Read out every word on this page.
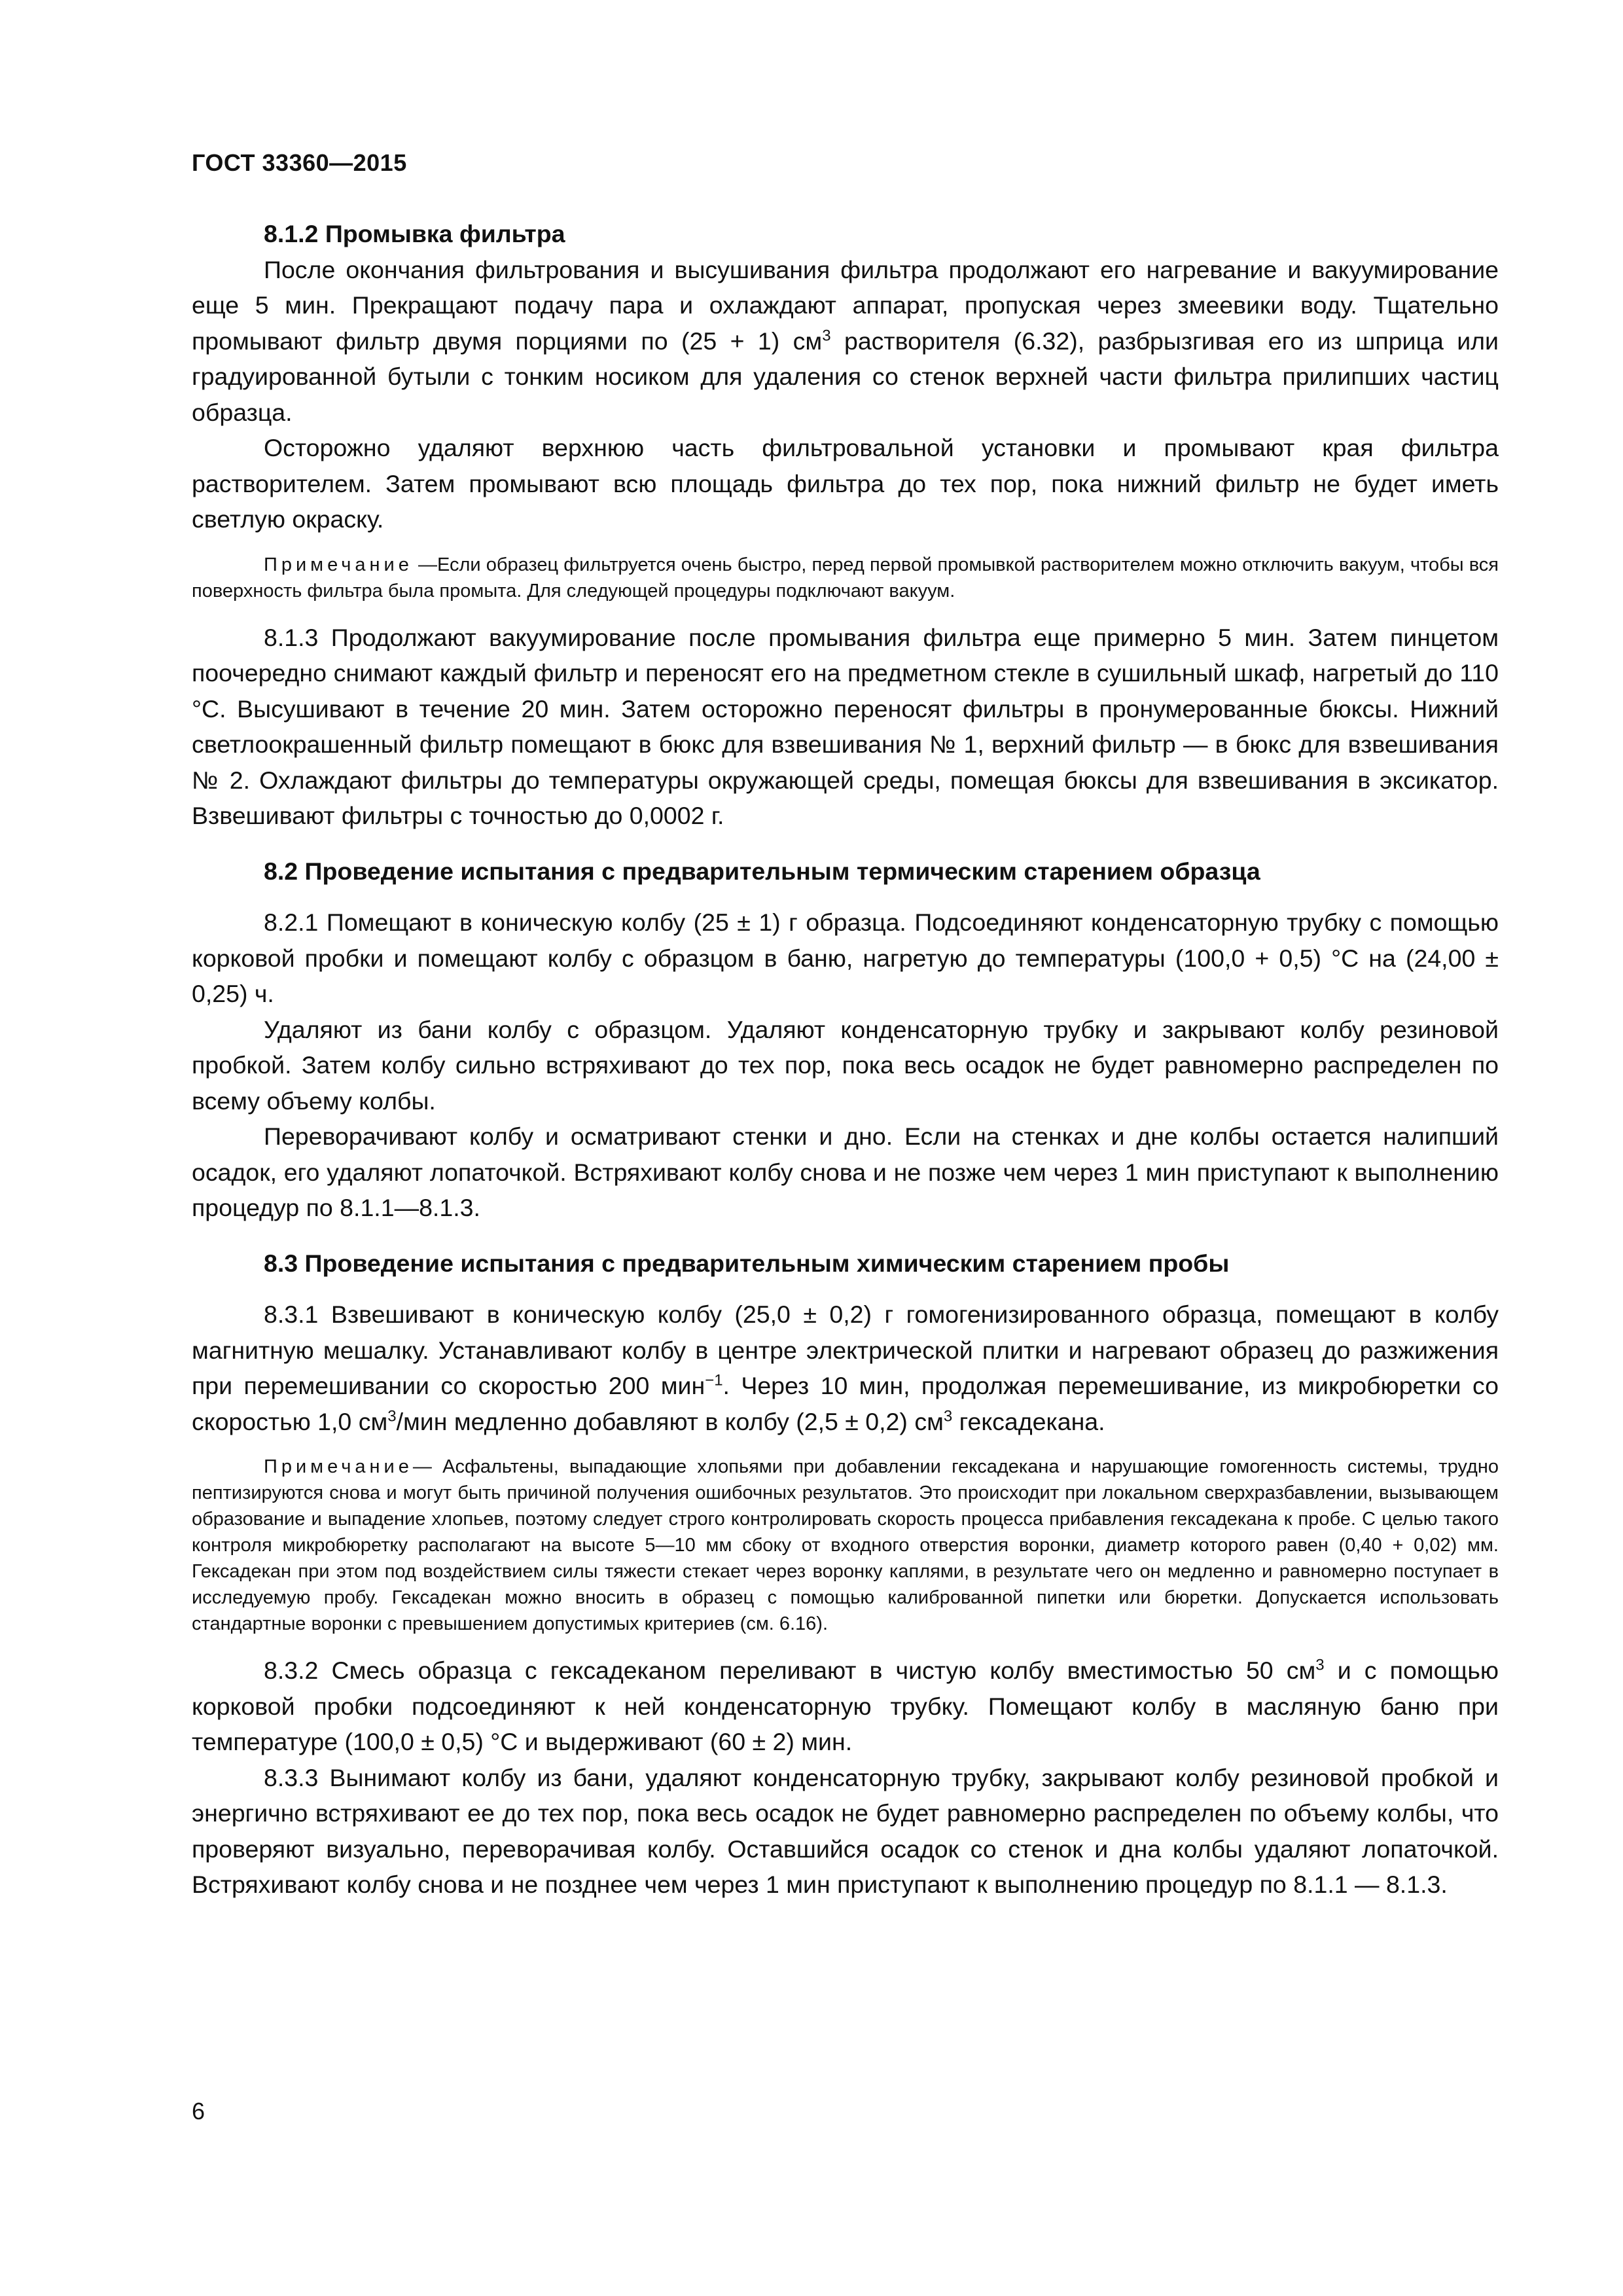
ГОСТ 33360—2015
8.1.2 Промывка фильтра

После окончания фильтрования и высушивания фильтра продолжают его нагревание и вакуумирование еще 5 мин. Прекращают подачу пара и охлаждают аппарат, пропуская через змеевики воду. Тщательно промывают фильтр двумя порциями по (25 + 1) $см^3$ растворителя (6.32), разбрызгивая его из шприца или градуированной бутыли с тонким носиком для удаления со стенок верхней части фильтра прилипших частиц образца.

Осторожно удаляют верхнюю часть фильтровальной установки и промывают края фильтра растворителем. Затем промывают всю площадь фильтра до тех пор, пока нижний фильтр не будет иметь светлую окраску.

Примечание —Если образец фильтруется очень быстро, перед первой промывкой растворителем можно отключить вакуум, чтобы вся поверхность фильтра была промыта. Для следующей процедуры подключают вакуум.

8.1.3 Продолжают вакуумирование после промывания фильтра еще примерно 5 мин. Затем пинцетом поочередно снимают каждый фильтр и переносят его на предметном стекле в сушильный шкаф, нагретый до 110 °С. Высушивают в течение 20 мин. Затем осторожно переносят фильтры в пронумерованные бюксы. Нижний светлоокрашенный фильтр помещают в бюкс для взвешивания № 1, верхний фильтр — в бюкс для взвешивания № 2. Охлаждают фильтры до температуры окружающей среды, помещая бюксы для взвешивания в эксикатор. Взвешивают фильтры с точностью до 0,0002 г.

8.2 Проведение испытания с предварительным термическим старением образца

8.2.1 Помещают в коническую колбу (25 ± 1) г образца. Подсоединяют конденсаторную трубку с помощью корковой пробки и помещают колбу с образцом в баню, нагретую до температуры (100,0 + 0,5) °С на (24,00 ± 0,25) ч.

Удаляют из бани колбу с образцом. Удаляют конденсаторную трубку и закрывают колбу резиновой пробкой. Затем колбу сильно встряхивают до тех пор, пока весь осадок не будет равномерно распределен по всему объему колбы.

Переворачивают колбу и осматривают стенки и дно. Если на стенках и дне колбы остается налипший осадок, его удаляют лопаточкой. Встряхивают колбу снова и не позже чем через 1 мин приступают к выполнению процедур по 8.1.1—8.1.3.

8.3 Проведение испытания с предварительным химическим старением пробы

8.3.1 Взвешивают в коническую колбу (25,0 ± 0,2) г гомогенизированного образца, помещают в колбу магнитную мешалку. Устанавливают колбу в центре электрической плитки и нагревают образец до разжижения при перемешивании со скоростью 200 мин$^{-1}$. Через 10 мин, продолжая перемешивание, из микробюретки со скоростью 1,0 $см^3$/мин медленно добавляют в колбу (2,5 ± 0,2) $см^3$ гексадекана.

Примечание— Асфальтены, выпадающие хлопьями при добавлении гексадекана и нарушающие гомогенность системы, трудно пептизируются снова и могут быть причиной получения ошибочных результатов. Это происходит при локальном сверхразбавлении, вызывающем образование и выпадение хлопьев, поэтому следует строго контролировать скорость процесса прибавления гексадекана к пробе. С целью такого контроля микробюретку располагают на высоте 5—10 мм сбоку от входного отверстия воронки, диаметр которого равен (0,40 + 0,02) мм. Гексадекан при этом под воздействием силы тяжести стекает через воронку каплями, в результате чего он медленно и равномерно поступает в исследуемую пробу. Гексадекан можно вносить в образец с помощью калиброванной пипетки или бюретки. Допускается использовать стандартные воронки с превышением допустимых критериев (см. 6.16).

8.3.2 Смесь образца с гексадеканом переливают в чистую колбу вместимостью 50 $см^3$ и с помощью корковой пробки подсоединяют к ней конденсаторную трубку. Помещают колбу в масляную баню при температуре (100,0 ± 0,5) °С и выдерживают (60 ± 2) мин.

8.3.3 Вынимают колбу из бани, удаляют конденсаторную трубку, закрывают колбу резиновой пробкой и энергично встряхивают ее до тех пор, пока весь осадок не будет равномерно распределен по объему колбы, что проверяют визуально, переворачивая колбу. Оставшийся осадок со стенок и дна колбы удаляют лопаточкой. Встряхивают колбу снова и не позднее чем через 1 мин приступают к выполнению процедур по 8.1.1 — 8.1.3.

6
